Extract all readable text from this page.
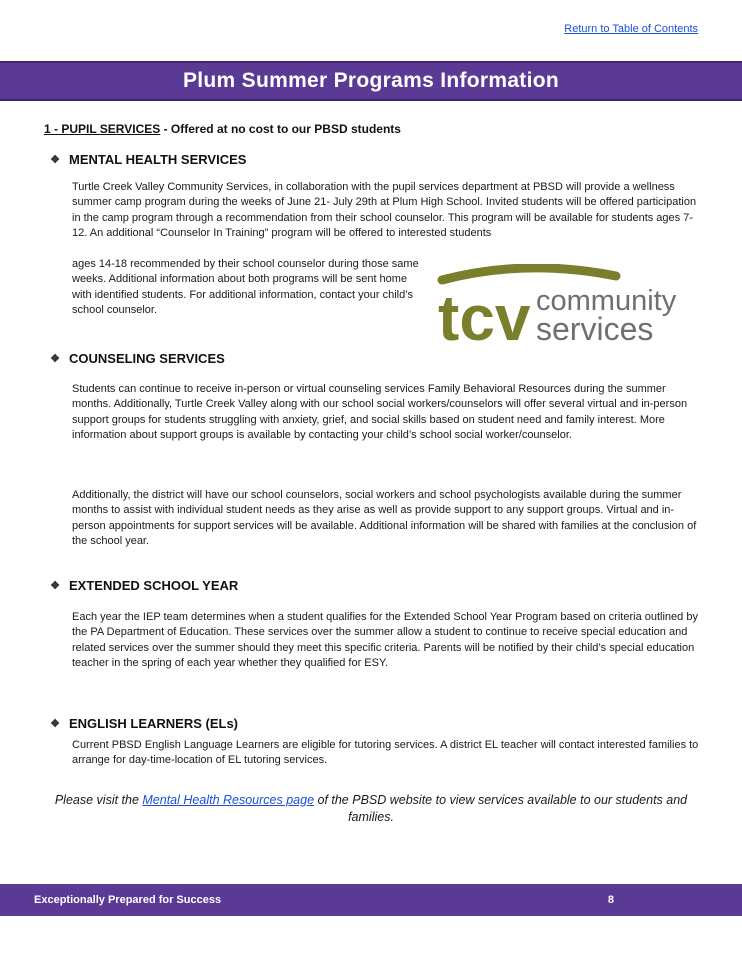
Return to Table of Contents
Plum Summer Programs Information
1 - PUPIL SERVICES - Offered at no cost to our PBSD students
❖ MENTAL HEALTH SERVICES

Turtle Creek Valley Community Services, in collaboration with the pupil services department at PBSD will provide a wellness summer camp program during the weeks of June 21- July 29th at Plum High School. Invited students will be offered participation in the camp program through a recommendation from their school counselor. This program will be available for students ages 7-12. An additional “Counselor In Training” program will be offered to interested students

ages 14-18 recommended by their school counselor during those same weeks. Additional information about both programs will be sent home with identified students. For additional information, contact your child’s school counselor.	tcv community
services
❖ COUNSELING SERVICES

Students can continue to receive in-person or virtual counseling services Family Behavioral Resources during the summer months. Additionally, Turtle Creek Valley along with our school social workers/counselors will offer several virtual and in-person support groups for students struggling with anxiety, grief, and social skills based on student need and family interest. More information about support groups is available by contacting your child’s school social worker/counselor.

Additionally, the district will have our school counselors, social workers and school psychologists available during the summer months to assist with individual student needs as they arise as well as provide support to any support groups. Virtual and in-person appointments for support services will be available. Additional information will be shared with families at the conclusion of the school year.

❖ EXTENDED SCHOOL YEAR

Each year the IEP team determines when a student qualifies for the Extended School Year Program based on criteria outlined by the PA Department of Education. These services over the summer allow a student to continue to receive special education and related services over the summer should they meet this specific criteria. Parents will be notified by their child’s special education teacher in the spring of each year whether they qualified for ESY.

❖ ENGLISH LEARNERS (ELs)

Current PBSD English Language Learners are eligible for tutoring services. A district EL teacher will contact interested families to arrange for day-time-location of EL tutoring services.

Please visit the Mental Health Resources page of the PBSD website to view services available to our students and families.
Exceptionally Prepared for Success	8
